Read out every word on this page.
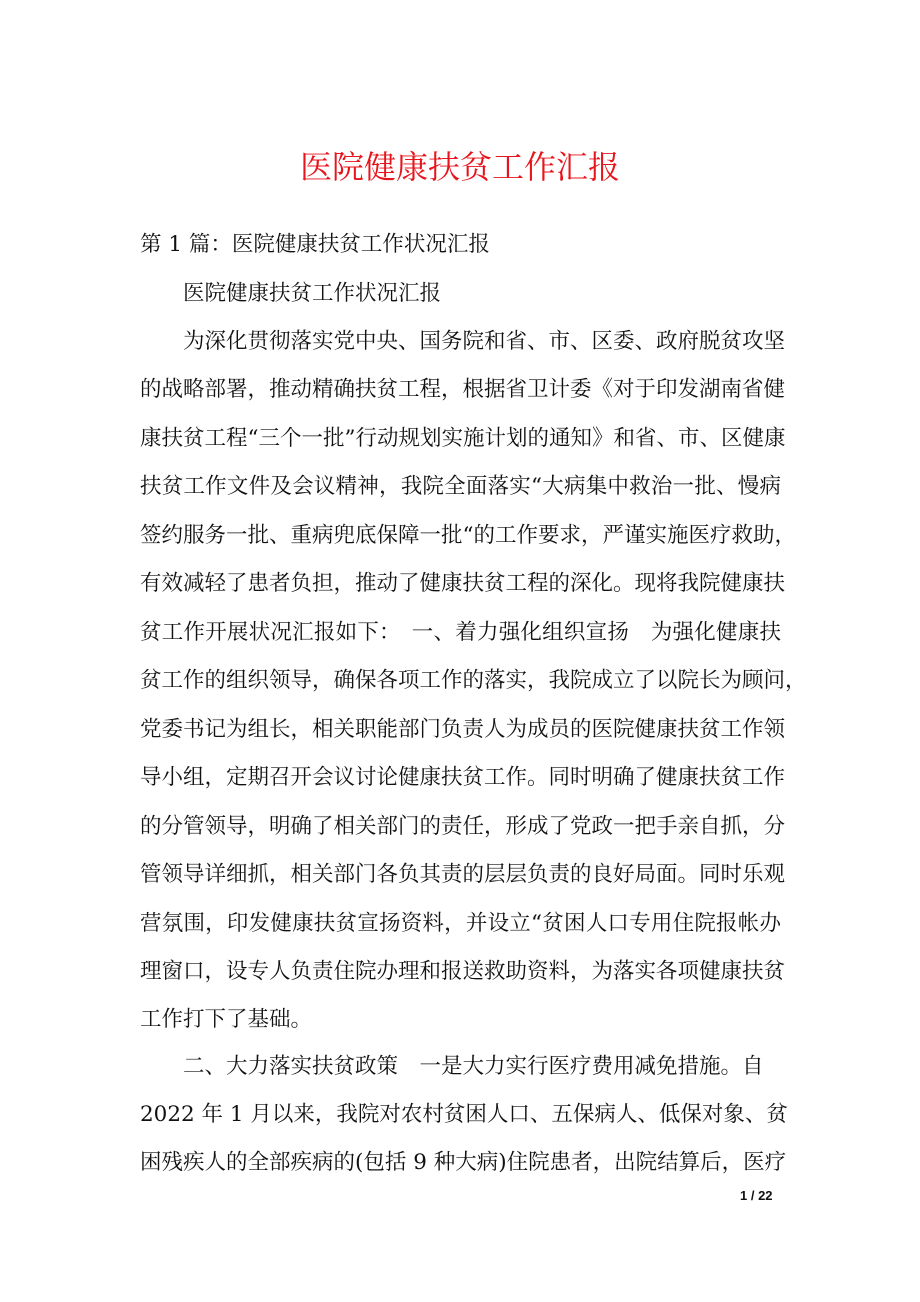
医院健康扶贫工作汇报
第 1 篇：医院健康扶贫工作状况汇报
医院健康扶贫工作状况汇报
为深化贯彻落实党中央、国务院和省、市、区委、政府脱贫攻坚
的战略部署，推动精确扶贫工程，根据省卫计委《对于印发湖南省健
康扶贫工程“三个一批”行动规划实施计划的通知》和省、市、区健康
扶贫工作文件及会议精神，我院全面落实“大病集中救治一批、慢病
签约服务一批、重病兜底保障一批“的工作要求，严谨实施医疗救助，
有效减轻了患者负担，推动了健康扶贫工程的深化。现将我院健康扶
贫工作开展状况汇报如下：　一、着力强化组织宣扬　为强化健康扶
贫工作的组织领导，确保各项工作的落实，我院成立了以院长为顾问，
党委书记为组长，相关职能部门负责人为成员的医院健康扶贫工作领
导小组，定期召开会议讨论健康扶贫工作。同时明确了健康扶贫工作
的分管领导，明确了相关部门的责任，形成了党政一把手亲自抓，分
管领导详细抓，相关部门各负其责的层层负责的良好局面。同时乐观
营氛围，印发健康扶贫宣扬资料，并设立“贫困人口专用住院报帐办
理窗口，设专人负责住院办理和报送救助资料，为落实各项健康扶贫
工作打下了基础。
二、大力落实扶贫政策　一是大力实行医疗费用减免措施。自
2022 年 1 月以来，我院对农村贫困人口、五保病人、低保对象、贫
困残疾人的全部疾病的(包括 9 种大病)住院患者，出院结算后，医疗
1 / 22
